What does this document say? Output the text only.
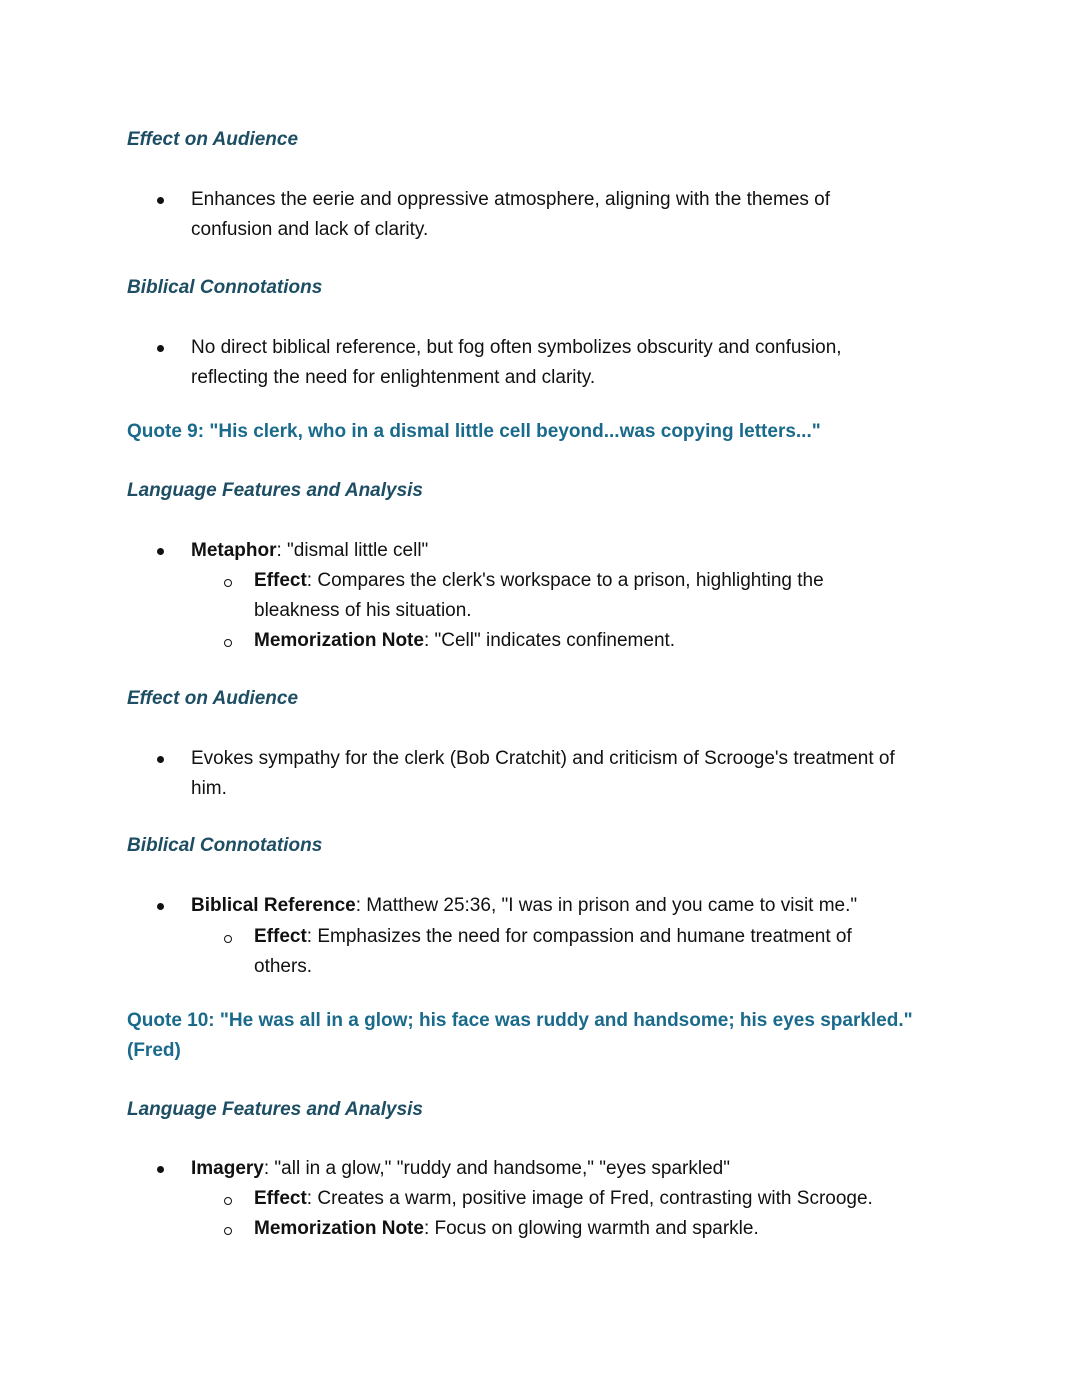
Effect on Audience
Enhances the eerie and oppressive atmosphere, aligning with the themes of
confusion and lack of clarity.
Biblical Connotations
No direct biblical reference, but fog often symbolizes obscurity and confusion,
reflecting the need for enlightenment and clarity.
Quote 9: "His clerk, who in a dismal little cell beyond...was copying letters..."
Language Features and Analysis
Metaphor: "dismal little cell"
Effect: Compares the clerk's workspace to a prison, highlighting the
bleakness of his situation.
Memorization Note: "Cell" indicates confinement.
Effect on Audience
Evokes sympathy for the clerk (Bob Cratchit) and criticism of Scrooge's treatment of
him.
Biblical Connotations
Biblical Reference: Matthew 25:36, "I was in prison and you came to visit me."
Effect: Emphasizes the need for compassion and humane treatment of
others.
Quote 10: "He was all in a glow; his face was ruddy and handsome; his eyes sparkled."
(Fred)
Language Features and Analysis
Imagery: "all in a glow," "ruddy and handsome," "eyes sparkled"
Effect: Creates a warm, positive image of Fred, contrasting with Scrooge.
Memorization Note: Focus on glowing warmth and sparkle.
